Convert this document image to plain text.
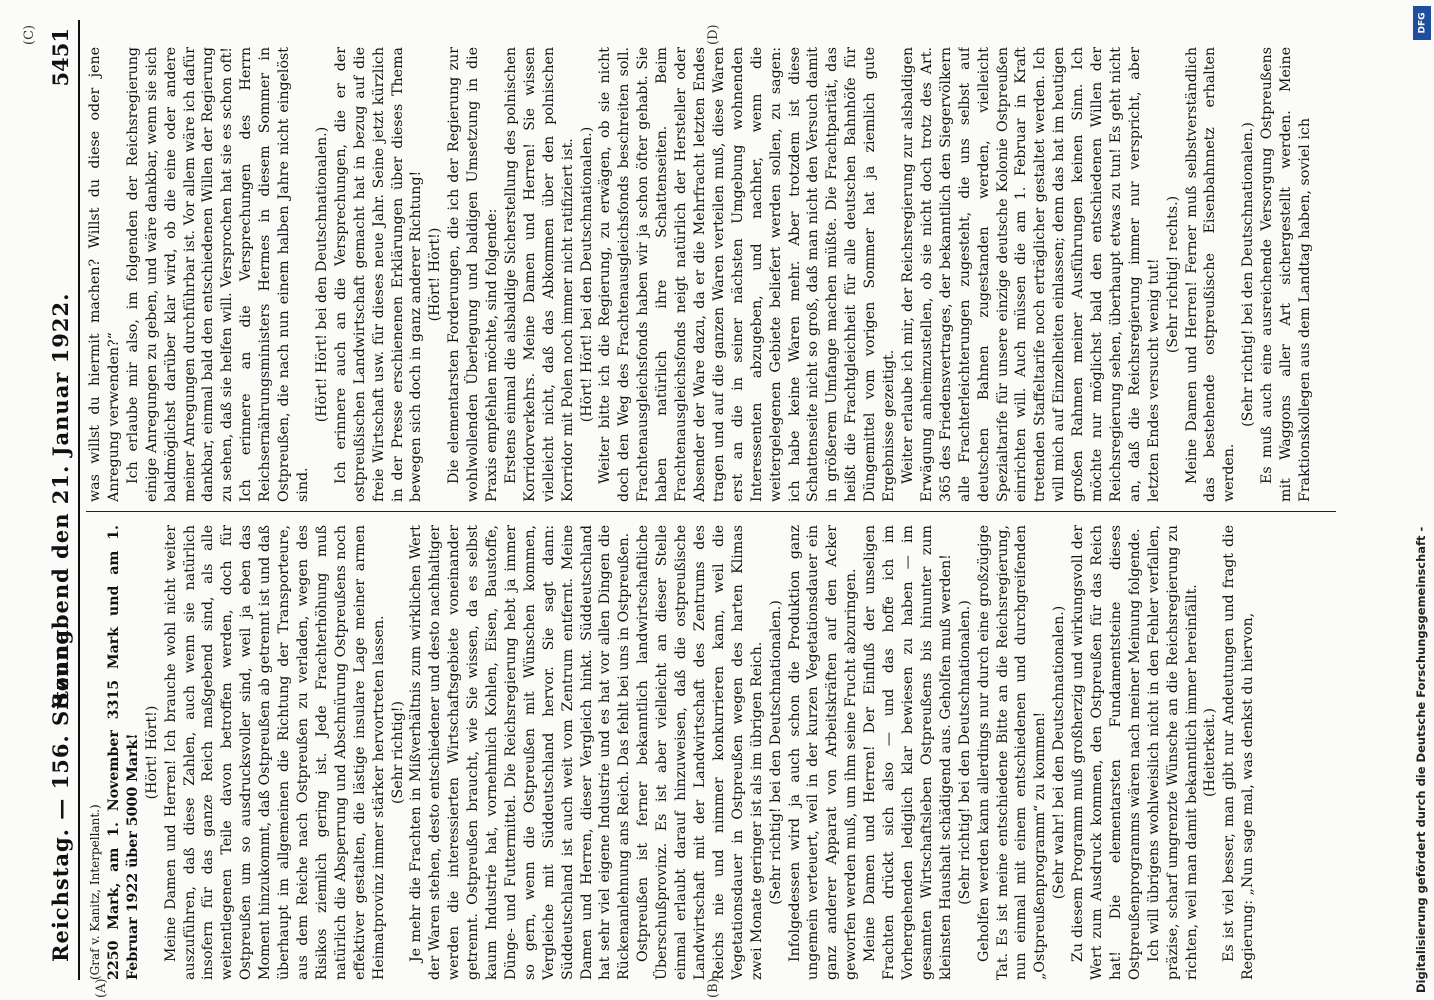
Reichstag. — 156. Sitzung.
Sonnabend den 21. Januar 1922.
5451
(A)	(B)
(C)	(D)

(Graf v. Kanitz, Interpellant.) 2250 Mark, am 1. November 3315 Mark und am 1. Februar 1922 über 5000 Mark! (Hört! Hört!) Meine Damen und Herren! Ich brauche wohl nicht weiter auszuführen, daß diese Zahlen, auch wenn sie natürlich insofern für das ganze Reich maßgebend sind, als alle weitentlegenen Teile davon betroffen werden, doch für Ostpreußen um so ausdrucksvoller sind, weil ja eben das Moment hinzukommt, daß Ostpreußen ab getrennt ist und daß überhaupt im allgemeinen die Richtung der Transporteure, aus dem Reiche nach Ostpreußen zu verladen, wegen des Risikos ziemlich gering ist. Jede Frachterhöhung muß natürlich die Absperrung und Abschnürung Ostpreußens noch effektiver gestalten, die lästige insulare Lage meiner armen Heimatprovinz immer stärker hervortreten lassen. (Sehr richtig!) Je mehr die Frachten in Mißverhältnis zum wirklichen Wert der Waren stehen, desto entschiedener und desto nachhaltiger werden die interessierten Wirtschaftsgebiete voneinander getrennt. Ostpreußen braucht, wie Sie wissen, da es selbst kaum Industrie hat, vornehmlich Kohlen, Eisen, Baustoffe, Dünge- und Futtermittel. Die Reichsregierung hebt ja immer so gern, wenn die Ostpreußen mit Wünschen kommen, Vergleiche mit Süddeutschland hervor. Sie sagt dann: Süddeutschland ist auch weit vom Zentrum entfernt. Meine Damen und Herren, dieser Vergleich hinkt. Süddeutschland hat sehr viel eigene Industrie und es hat vor allen Dingen die Rückenanlehnung ans Reich. Das fehlt bei uns in Ostpreußen. Ostpreußen ist ferner bekanntlich landwirtschaftliche Überschußprovinz. Es ist aber vielleicht an dieser Stelle einmal erlaubt darauf hinzuweisen, daß die ostpreußische Landwirtschaft mit der Landwirtschaft des Zentrums des Reichs nie und nimmer konkurrieren kann, weil die Vegetationsdauer in Ostpreußen wegen des harten Klimas zwei Monate geringer ist als im übrigen Reich. (Sehr richtig! bei den Deutschnationalen.) Infolgedessen wird ja auch schon die Produktion ganz ungemein verteuert, weil in der kurzen Vegetationsdauer ein ganz anderer Apparat von Arbeitskräften auf den Acker geworfen werden muß, um ihm seine Frucht abzuringen. Meine Damen und Herren! Der Einfluß der unseligen Frachten drückt sich also — und das hoffe ich im Vorhergehenden lediglich klar bewiesen zu haben — im gesamten Wirtschaftsleben Ostpreußens bis hinunter zum kleinsten Haushalt schädigend aus. Geholfen muß werden! (Sehr richtig! bei den Deutschnationalen.) Geholfen werden kann allerdings nur durch eine großzügige Tat. Es ist meine entschiedene Bitte an die Reichsregierung, nun einmal mit einem entschiedenen und durchgreifenden „Ostpreußenprogramm“ zu kommen! (Sehr wahr! bei den Deutschnationalen.) Zu diesem Programm muß großherzig und wirkungsvoll der Wert zum Ausdruck kommen, den Ostpreußen für das Reich hat! Die elementarsten Fundamentsteine dieses Ostpreußenprogramms wären nach meiner Meinung folgende. Ich will übrigens wohlweislich nicht in den Fehler verfallen, präzise, scharf umgrenzte Wünsche an die Reichsregierung zu richten, weil man damit bekanntlich immer hereinfällt. (Heiterkeit.) Es ist viel besser, man gibt nur Andeutungen und fragt die Regierung: „Nun sage mal, was denkst du hiervon,

was willst du hiermit machen? Willst du diese oder jene Anregung verwenden?“ Ich erlaube mir also, im folgenden der Reichsregierung einige Anregungen zu geben, und wäre dankbar, wenn sie sich baldmöglichst darüber klar wird, ob die eine oder andere meiner Anregungen durchführbar ist. Vor allem wäre ich dafür dankbar, einmal bald den entschiedenen Willen der Regierung zu sehen, daß sie helfen will. Versprochen hat sie es schon oft! Ich erinnere an die Versprechungen des Herrn Reichsernährungsministers Hermes in diesem Sommer in Ostpreußen, die nach nun einem halben Jahre nicht eingelöst sind.

(Hört! Hört! bei den Deutschnationalen.) Ich erinnere auch an die Versprechungen, die er der ostpreußischen Landwirtschaft gemacht hat in bezug auf die freie Wirtschaft usw. für dieses neue Jahr. Seine jetzt kürzlich in der Presse erschienenen Erklärungen über dieses Thema bewegen sich doch in ganz anderer Richtung! (Hört! Hört!) Die elementarsten Forderungen, die ich der Regierung zur wohlwollenden Überlegung und baldigen Umsetzung in die Praxis empfehlen möchte, sind folgende: Erstens einmal die alsbaldige Sicherstellung des polnischen Korridorverkehrs. Meine Damen und Herren! Sie wissen vielleicht nicht, daß das Abkommen über den polnischen Korridor mit Polen noch immer nicht ratifiziert ist. (Hört! Hört! bei den Deutschnationalen.) Weiter bitte ich die Regierung, zu erwägen, ob sie nicht doch den Weg des Frachtenausgleichsfonds beschreiten soll. Frachtenausgleichsfonds haben wir ja schon öfter gehabt. Sie haben natürlich ihre Schattenseiten. Beim Frachtenausgleichsfonds neigt natürlich der Hersteller oder Absender der Ware dazu, da er die Mehrfracht letzten Endes tragen und auf die ganzen Waren verteilen muß, diese Waren erst an die in seiner nächsten Umgebung wohnenden Interessenten abzugeben, und nachher, wenn die weitergelegenen Gebiete beliefert werden sollen, zu sagen: ich habe keine Waren mehr. Aber trotzdem ist diese Schattenseite nicht so groß, daß man nicht den Versuch damit in größerem Umfange machen müßte. Die Frachtparität, das heißt die Frachtgleichheit für alle deutschen Bahnhöfe für Düngemittel vom vorigen Sommer hat ja ziemlich gute Ergebnisse gezeitigt. Weiter erlaube ich mir, der Reichsregierung zur alsbaldigen Erwägung anheimzustellen, ob sie nicht doch trotz des Art. 365 des Friedensvertrages, der bekanntlich den Siegervölkern alle Frachterleichterungen zugesteht, die uns selbst auf deutschen Bahnen zugestanden werden, vielleicht Spezialtarife für unsere einzige deutsche Kolonie Ostpreußen einrichten will. Auch müssen die am 1. Februar in Kraft tretenden Staffeltarife noch erträglicher gestaltet werden. Ich will mich auf Einzelheiten einlassen; denn das hat im heutigen großen Rahmen meiner Ausführungen keinen Sinn. Ich möchte nur möglichst bald den entschiedenen Willen der Reichsregierung sehen, überhaupt etwas zu tun! Es geht nicht an, daß die Reichsregierung immer nur verspricht, aber letzten Endes versucht wenig tut! (Sehr richtig! rechts.) Meine Damen und Herren! Ferner muß selbstverständlich das bestehende ostpreußische Eisenbahnnetz erhalten werden.

(Sehr richtig! bei den Deutschnationalen.) Es muß auch eine ausreichende Versorgung Ostpreußens mit Waggons aller Art sichergestellt werden. Meine Fraktionskollegen aus dem Landtag haben, soviel ich

Digitalisierung gefördert durch die Deutsche Forschungsgemeinschaft -
DFG
